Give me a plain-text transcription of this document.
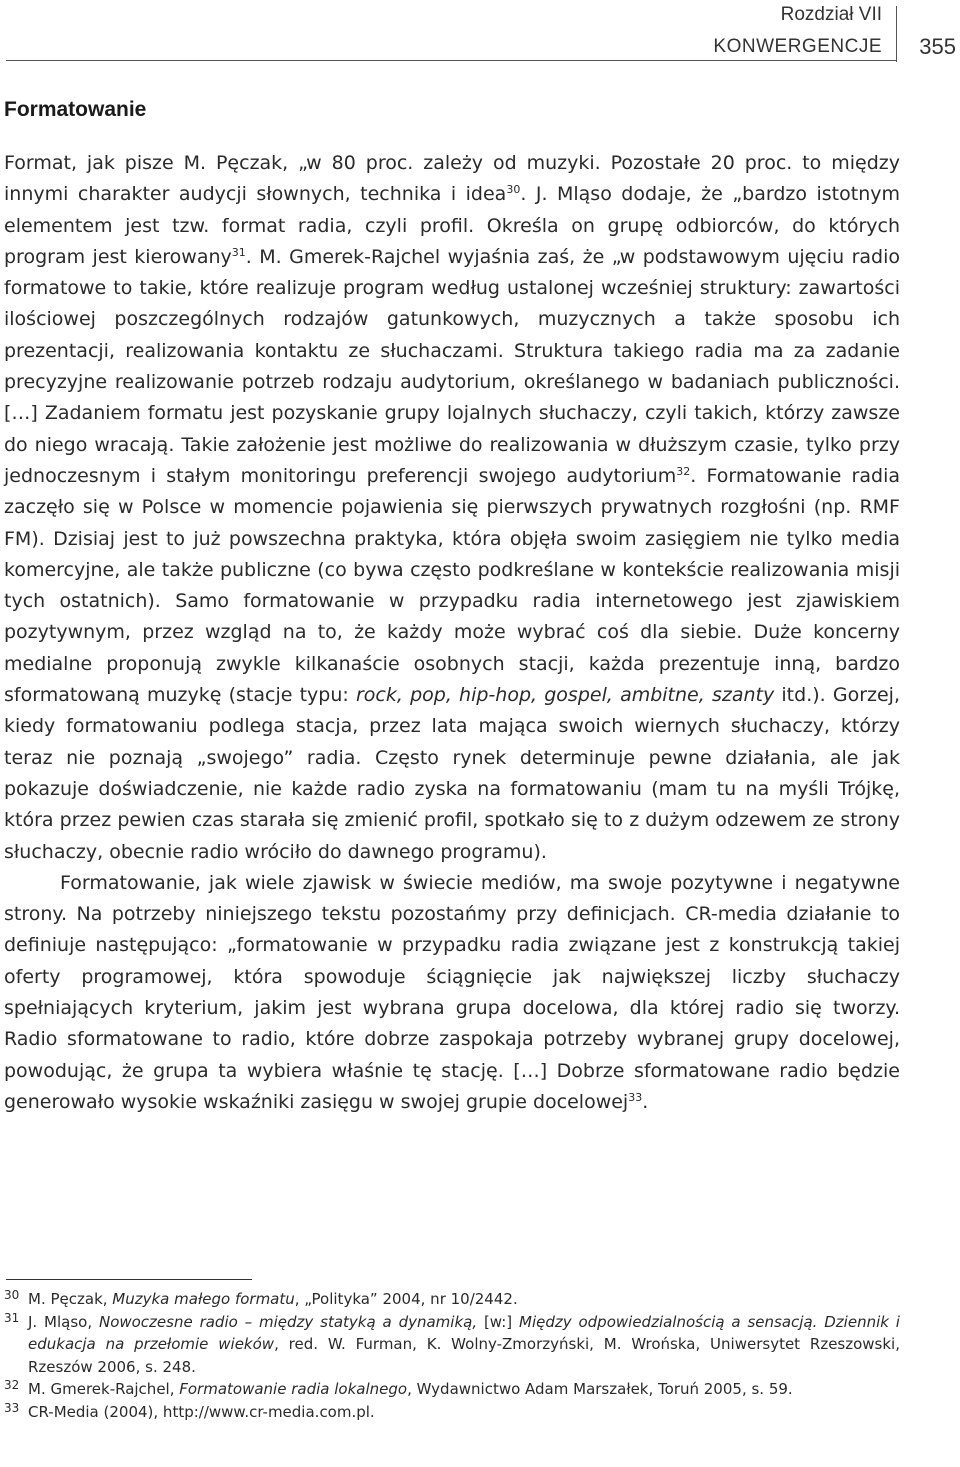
Rozdział VII
KONWERGENCJE 355
Formatowanie

Format, jak pisze M. Pęczak, „w 80 proc. zależy od muzyki. Pozostałe 20 proc. to między innymi charakter audycji słownych, technika i idea$^{30}$. J. Mląso dodaje, że „bardzo istotnym elementem jest tzw. format radia, czyli profil. Określa on grupę odbiorców, do których program jest kierowany$^{31}$. M. Gmerek-Rajchel wyjaśnia zaś, że „w podstawowym ujęciu radio formatowe to takie, które realizuje program według ustalonej wcześniej struktury: zawartości ilościowej poszczególnych rodzajów gatunkowych, muzycznych a także sposobu ich prezentacji, realizowania kontaktu ze słuchaczami. Struktura takiego radia ma za zadanie precyzyjne realizowanie potrzeb rodzaju audytorium, określanego w badaniach publiczności. […] Zadaniem formatu jest pozyskanie grupy lojalnych słuchaczy, czyli takich, którzy zawsze do niego wracają. Takie założenie jest możliwe do realizowania w dłuższym czasie, tylko przy jednoczesnym i stałym monitoringu preferencji swojego audytorium$^{32}$. Formatowanie radia zaczęło się w Polsce w momencie pojawienia się pierwszych prywatnych rozgłośni (np. RMF FM). Dzisiaj jest to już powszechna praktyka, która objęła swoim zasięgiem nie tylko media komercyjne, ale także publiczne (co bywa często podkreślane w kontekście realizowania misji tych ostatnich). Samo formatowanie w przypadku radia internetowego jest zjawiskiem pozytywnym, przez wzgląd na to, że każdy może wybrać coś dla siebie. Duże koncerny medialne proponują zwykle kilkanaście osobnych stacji, każda prezentuje inną, bardzo sformatowaną muzykę (stacje typu: rock, pop, hip-hop, gospel, ambitne, szanty itd.). Gorzej, kiedy formatowaniu podlega stacja, przez lata mająca swoich wiernych słuchaczy, którzy teraz nie poznają „swojego” radia. Często rynek determinuje pewne działania, ale jak pokazuje doświadczenie, nie każde radio zyska na formatowaniu (mam tu na myśli Trójkę, która przez pewien czas starała się zmienić profil, spotkało się to z dużym odzewem ze strony słuchaczy, obecnie radio wróciło do dawnego programu).

Formatowanie, jak wiele zjawisk w świecie mediów, ma swoje pozytywne i negatywne strony. Na potrzeby niniejszego tekstu pozostańmy przy definicjach. CR-media działanie to definiuje następująco: „formatowanie w przypadku radia związane jest z konstrukcją takiej oferty programowej, która spowoduje ściągnięcie jak największej liczby słuchaczy spełniających kryterium, jakim jest wybrana grupa docelowa, dla której radio się tworzy. Radio sformatowane to radio, które dobrze zaspokaja potrzeby wybranej grupy docelowej, powodując, że grupa ta wybiera właśnie tę stację. […] Dobrze sformatowane radio będzie generowało wysokie wskaźniki zasięgu w swojej grupie docelowej$^{33}$.

30 M. Pęczak, Muzyka małego formatu, „Polityka” 2004, nr 10/2442.
31 J. Mląso, Nowoczesne radio – między statyką a dynamiką, [w:] Między odpowiedzialnością a sensacją. Dziennik i edukacja na przełomie wieków, red. W. Furman, K. Wolny-Zmorzyński, M. Wrońska, Uniwersytet Rzeszowski, Rzeszów 2006, s. 248.
32 M. Gmerek-Rajchel, Formatowanie radia lokalnego, Wydawnictwo Adam Marszałek, Toruń 2005, s. 59.
33 CR-Media (2004), http://www.cr-media.com.pl.
